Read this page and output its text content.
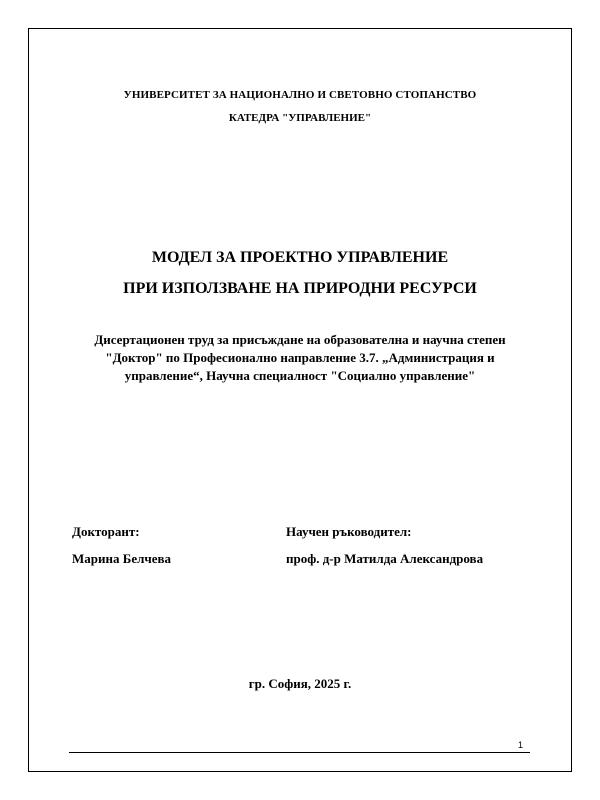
УНИВЕРСИТЕТ ЗА НАЦИОНАЛНО И СВЕТОВНО СТОПАНСТВО
КАТЕДРА "УПРАВЛЕНИЕ"
МОДЕЛ ЗА ПРОЕКТНО УПРАВЛЕНИЕ
ПРИ ИЗПОЛЗВАНЕ НА ПРИРОДНИ РЕСУРСИ
Дисертационен труд за присъждане на образователна и научна степен
"Доктор" по Професионално направление 3.7. „Администрация и
управление“, Научна специалност "Социално управление"
Докторант:
Марина Белчева
Научен ръководител:
проф. д-р Матилда Александрова
гр. София, 2025 г.
1
